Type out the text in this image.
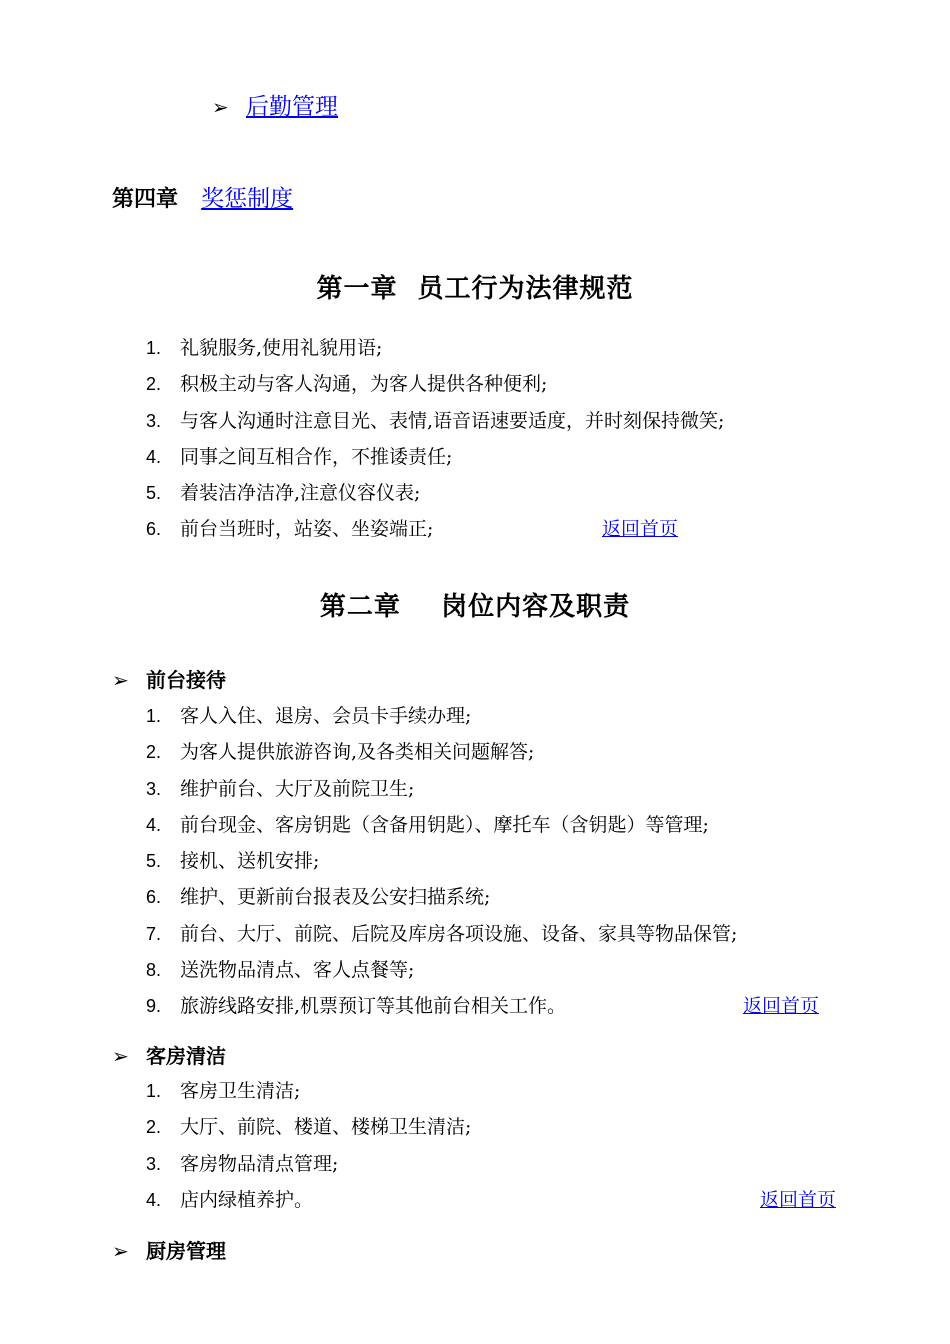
➢ 后勤管理
第四章 奖惩制度
第一章  员工行为法律规范
1. 礼貌服务,使用礼貌用语;
2. 积极主动与客人沟通，为客人提供各种便利;
3. 与客人沟通时注意目光、表情,语音语速要适度，并时刻保持微笑;
4. 同事之间互相合作，不推诿责任;
5. 着装洁净洁净,注意仪容仪表;
6. 前台当班时，站姿、坐姿端正;	返回首页
第二章    岗位内容及职责
➢ 前台接待
1. 客人入住、退房、会员卡手续办理;
2. 为客人提供旅游咨询,及各类相关问题解答;
3. 维护前台、大厅及前院卫生;
4. 前台现金、客房钥匙（含备用钥匙）、摩托车（含钥匙）等管理;
5. 接机、送机安排;
6. 维护、更新前台报表及公安扫描系统;
7. 前台、大厅、前院、后院及库房各项设施、设备、家具等物品保管;
8. 送洗物品清点、客人点餐等;
9. 旅游线路安排,机票预订等其他前台相关工作。	返回首页
➢ 客房清洁
1. 客房卫生清洁;
2. 大厅、前院、楼道、楼梯卫生清洁;
3. 客房物品清点管理;
4. 店内绿植养护。	返回首页
➢ 厨房管理
